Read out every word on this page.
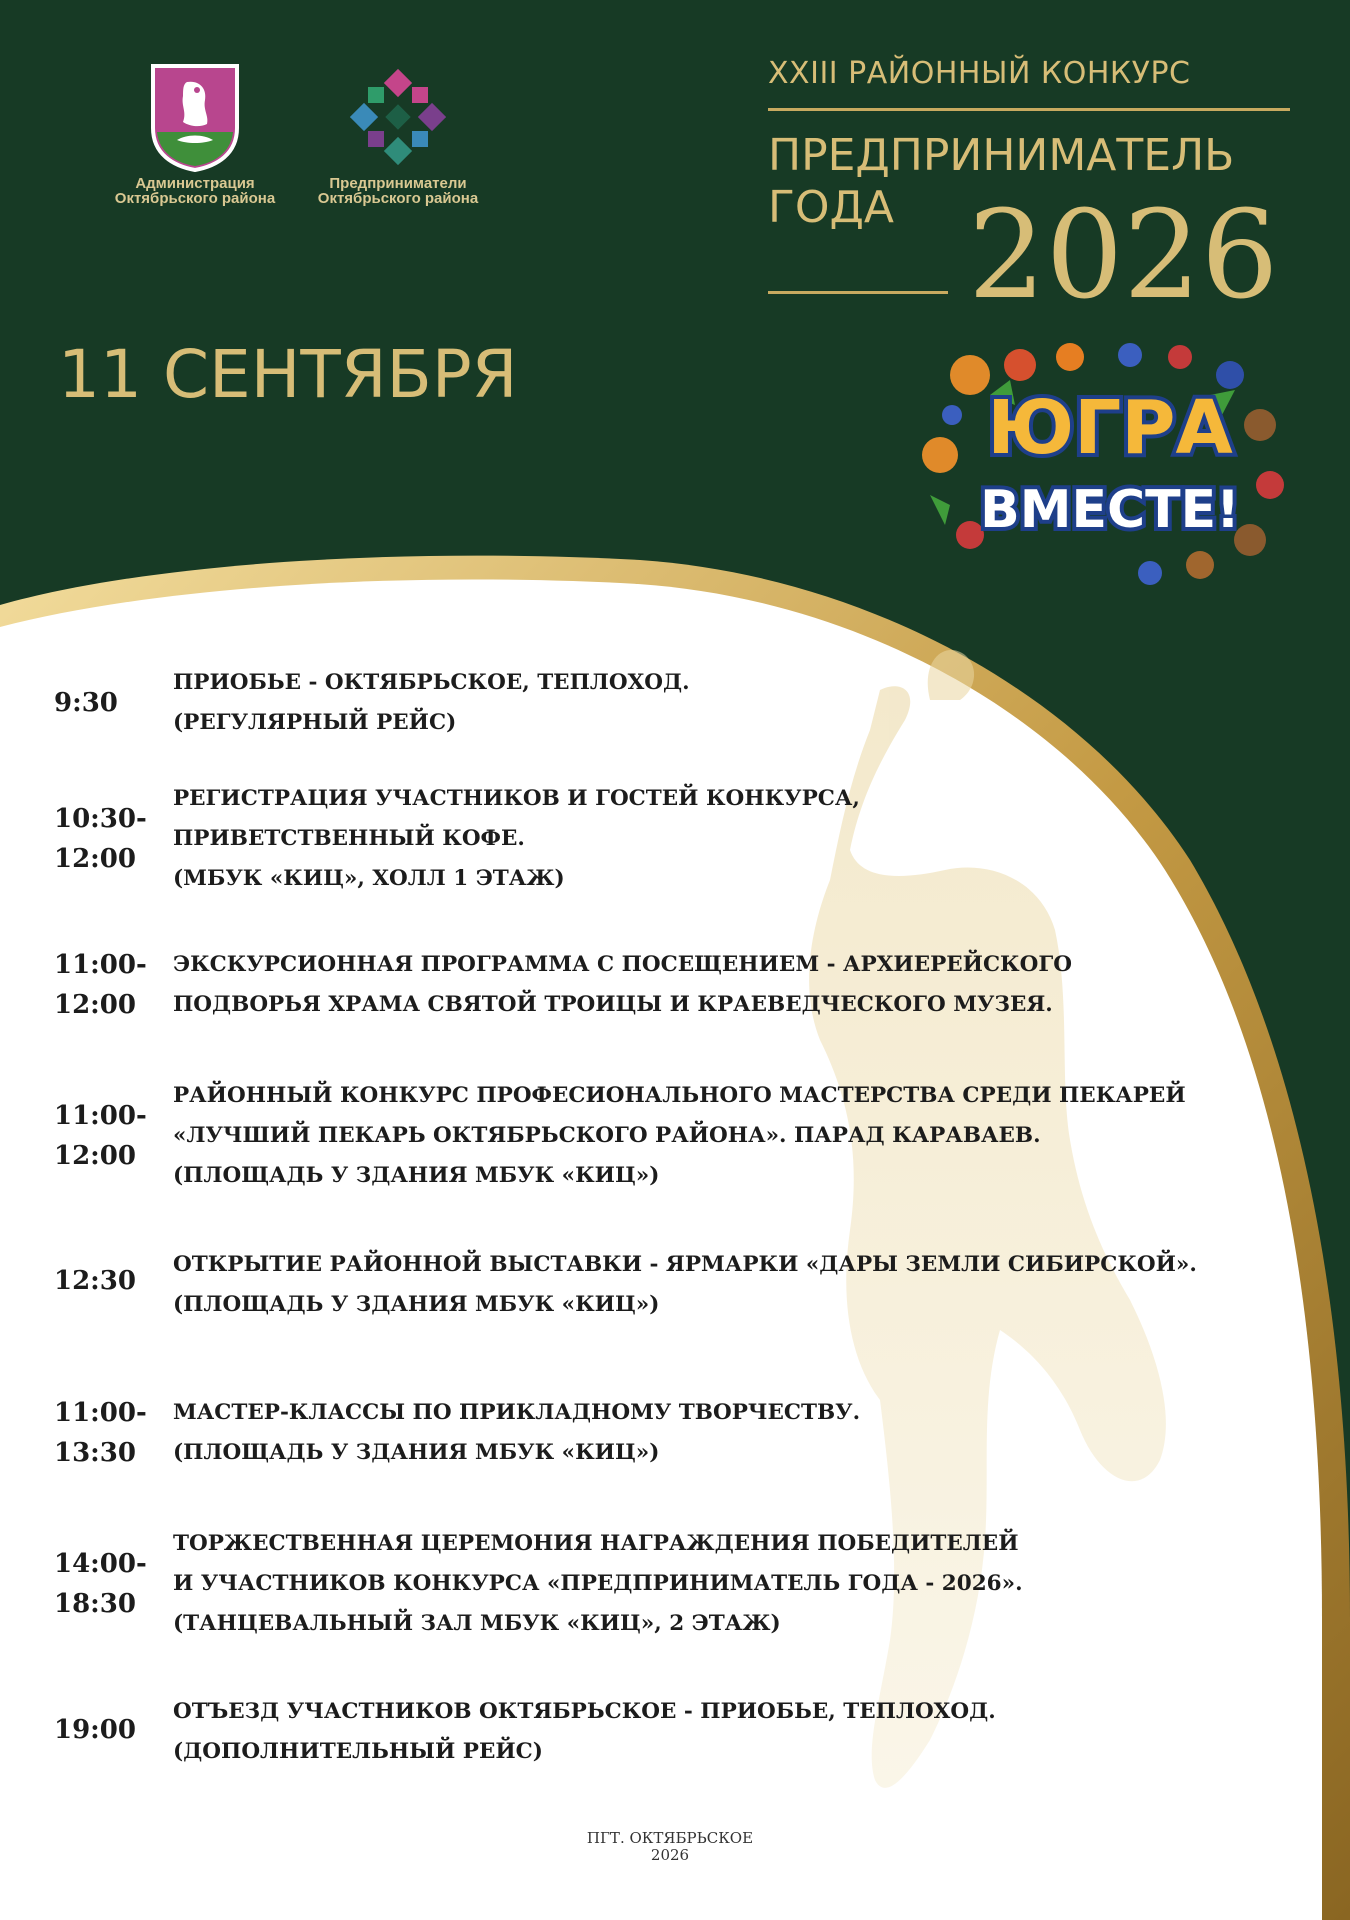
Администрация
Октябрьского района
Предприниматели
Октябрьского района
XXIII РАЙОННЫЙ КОНКУРС
ПРЕДПРИНИМАТЕЛЬ
ГОДА 2026
11 СЕНТЯБРЯ
ЮГРА
ВМЕСТЕ!
9:30
ПРИОБЬЕ - ОКТЯБРЬСКОЕ, ТЕПЛОХОД.
(РЕГУЛЯРНЫЙ РЕЙС)
10:30-
12:00
РЕГИСТРАЦИЯ УЧАСТНИКОВ И ГОСТЕЙ КОНКУРСА,
ПРИВЕТСТВЕННЫЙ КОФЕ.
(МБУК «КИЦ», ХОЛЛ 1 ЭТАЖ)
11:00-
12:00
ЭКСКУРСИОННАЯ ПРОГРАММА С ПОСЕЩЕНИЕМ - АРХИЕРЕЙСКОГО
ПОДВОРЬЯ ХРАМА СВЯТОЙ ТРОИЦЫ И КРАЕВЕДЧЕСКОГО МУЗЕЯ.
11:00-
12:00
РАЙОННЫЙ КОНКУРС ПРОФЕСИОНАЛЬНОГО МАСТЕРСТВА СРЕДИ ПЕКАРЕЙ
«ЛУЧШИЙ ПЕКАРЬ ОКТЯБРЬСКОГО РАЙОНА». ПАРАД КАРАВАЕВ.
(ПЛОЩАДЬ У ЗДАНИЯ МБУК «КИЦ»)
12:30
ОТКРЫТИЕ РАЙОННОЙ ВЫСТАВКИ - ЯРМАРКИ «ДАРЫ ЗЕМЛИ СИБИРСКОЙ».
(ПЛОЩАДЬ У ЗДАНИЯ МБУК «КИЦ»)
11:00-
13:30
МАСТЕР-КЛАССЫ ПО ПРИКЛАДНОМУ ТВОРЧЕСТВУ.
(ПЛОЩАДЬ У ЗДАНИЯ МБУК «КИЦ»)
14:00-
18:30
ТОРЖЕСТВЕННАЯ ЦЕРЕМОНИЯ НАГРАЖДЕНИЯ ПОБЕДИТЕЛЕЙ
И УЧАСТНИКОВ КОНКУРСА «ПРЕДПРИНИМАТЕЛЬ ГОДА - 2026».
(ТАНЦЕВАЛЬНЫЙ ЗАЛ МБУК «КИЦ», 2 ЭТАЖ)
19:00
ОТЪЕЗД УЧАСТНИКОВ ОКТЯБРЬСКОЕ - ПРИОБЬЕ, ТЕПЛОХОД.
(ДОПОЛНИТЕЛЬНЫЙ РЕЙС)
ПГТ. ОКТЯБРЬСКОЕ
2026
